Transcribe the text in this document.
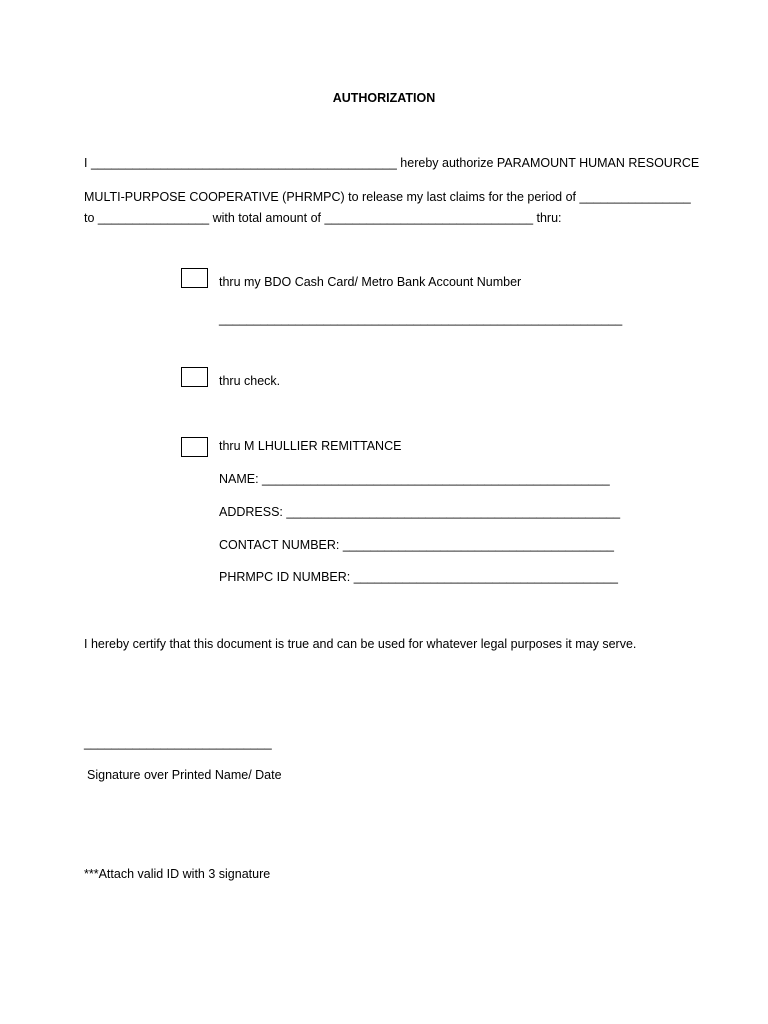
AUTHORIZATION
I ____________________________________________ hereby authorize PARAMOUNT HUMAN RESOURCE
MULTI-PURPOSE COOPERATIVE (PHRMPC) to release my last claims for the period of ________________
to ________________ with total amount of ______________________________ thru:
thru my BDO Cash Card/ Metro Bank Account Number
__________________________________________________________
thru check.
thru M LHULLIER REMITTANCE
NAME: __________________________________________________
ADDRESS: ________________________________________________
CONTACT NUMBER: _______________________________________
PHRMPC ID NUMBER: ______________________________________
I hereby certify that this document is true and can be used for whatever legal purposes it may serve.
___________________________
Signature over Printed Name/ Date
***Attach valid ID with 3 signature
